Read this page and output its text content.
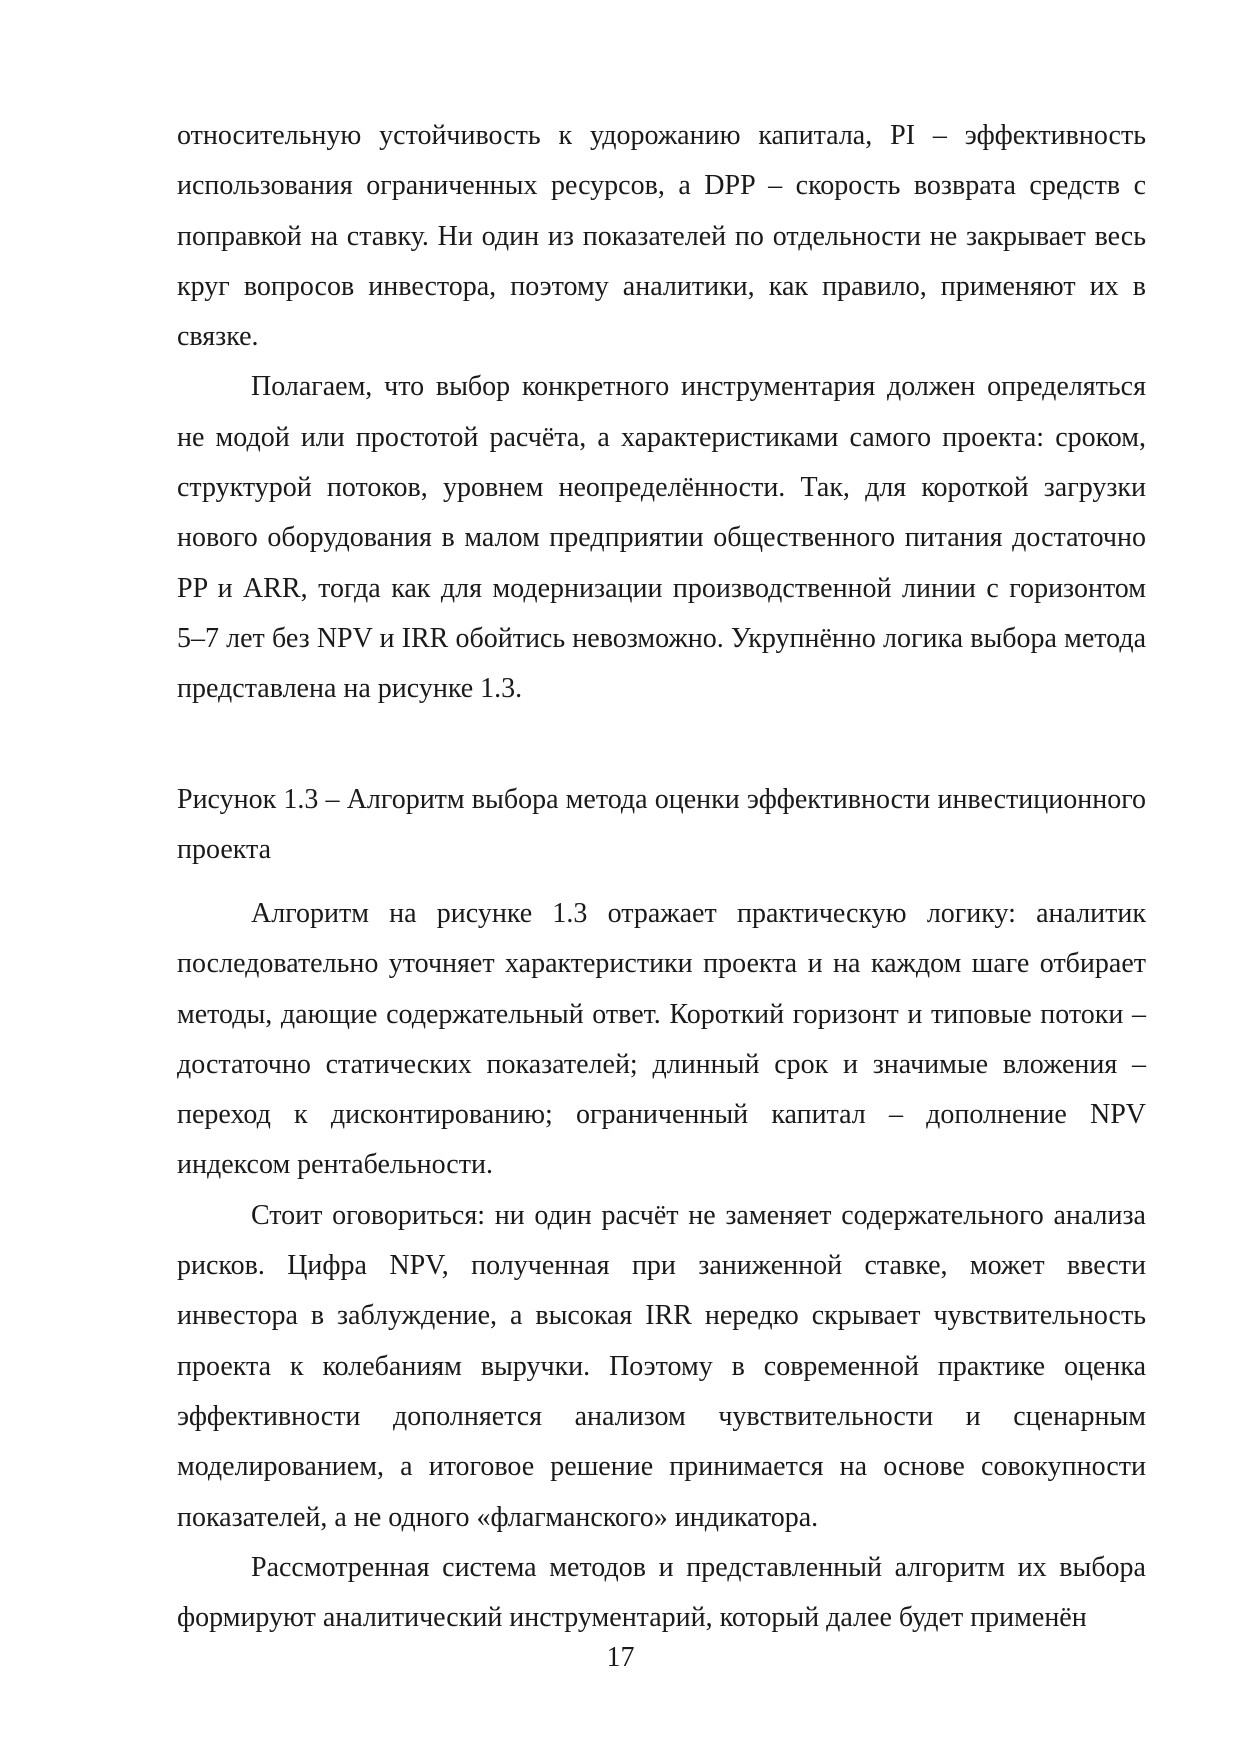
относительную устойчивость к удорожанию капитала, PI – эффективность использования ограниченных ресурсов, а DPP – скорость возврата средств с поправкой на ставку. Ни один из показателей по отдельности не закрывает весь круг вопросов инвестора, поэтому аналитики, как правило, применяют их в связке.

Полагаем, что выбор конкретного инструментария должен определяться не модой или простотой расчёта, а характеристиками самого проекта: сроком, структурой потоков, уровнем неопределённости. Так, для короткой загрузки нового оборудования в малом предприятии общественного питания достаточно PP и ARR, тогда как для модернизации производственной линии с горизонтом 5–7 лет без NPV и IRR обойтись невозможно. Укрупнённо логика выбора метода представлена на рисунке 1.3.

Рисунок 1.3 – Алгоритм выбора метода оценки эффективности инвестиционного проекта

Алгоритм на рисунке 1.3 отражает практическую логику: аналитик последовательно уточняет характеристики проекта и на каждом шаге отбирает методы, дающие содержательный ответ. Короткий горизонт и типовые потоки – достаточно статических показателей; длинный срок и значимые вложения – переход к дисконтированию; ограниченный капитал – дополнение NPV индексом рентабельности.

Стоит оговориться: ни один расчёт не заменяет содержательного анализа рисков. Цифра NPV, полученная при заниженной ставке, может ввести инвестора в заблуждение, а высокая IRR нередко скрывает чувствительность проекта к колебаниям выручки. Поэтому в современной практике оценка эффективности дополняется анализом чувствительности и сценарным моделированием, а итоговое решение принимается на основе совокупности показателей, а не одного «флагманского» индикатора.

Рассмотренная система методов и представленный алгоритм их выбора формируют аналитический инструментарий, который далее будет применён

17
